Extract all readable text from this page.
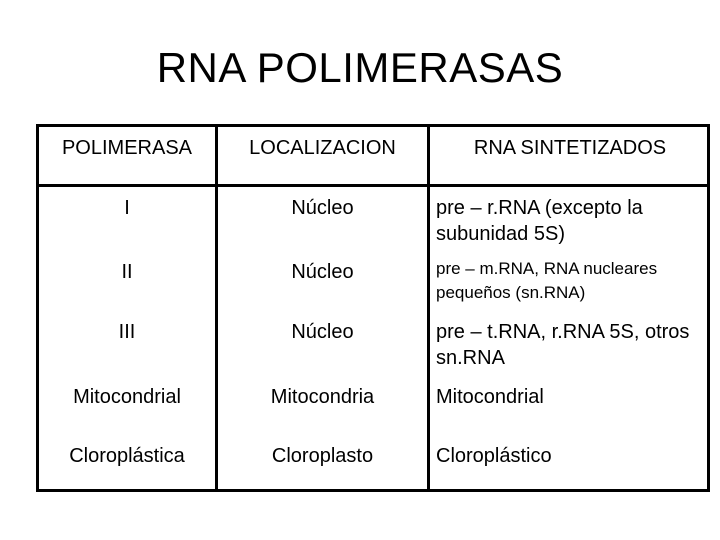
RNA POLIMERASAS
POLIMERASA	LOCALIZACION	RNA SINTETIZADOS
I	Núcleo	pre – r.RNA (excepto la subunidad 5S)
II	Núcleo	pre – m.RNA, RNA nucleares pequeños (sn.RNA)
III	Núcleo	pre – t.RNA, r.RNA 5S, otros sn.RNA
Mitocondrial	Mitocondria	Mitocondrial
Cloroplástica	Cloroplasto	Cloroplástico
